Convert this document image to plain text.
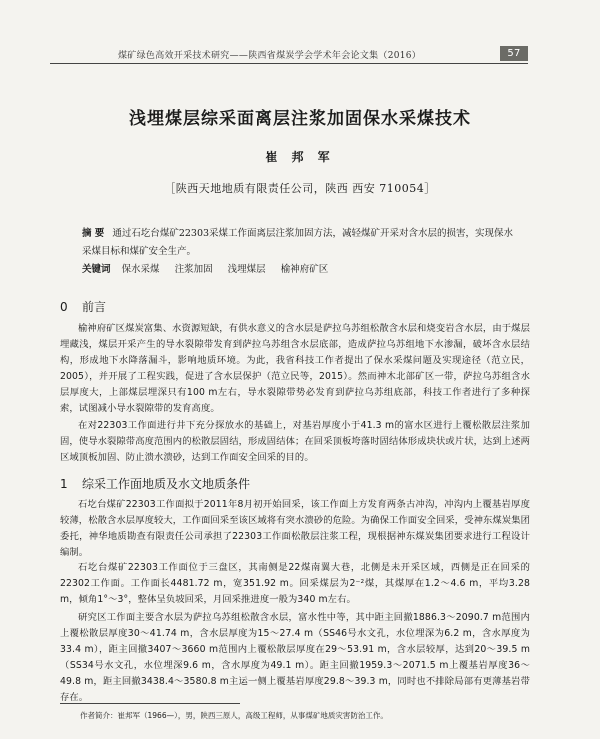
煤矿绿色高效开采技术研究——陕西省煤炭学会学术年会论文集（2016）	57
浅埋煤层综采面离层注浆加固保水采煤技术
崔 邦 军
［陕西天地地质有限责任公司，陕西 西安 710054］
摘 要 通过石圪台煤矿22303采煤工作面离层注浆加固方法，减轻煤矿开采对含水层的损害，实现保水采煤目标和煤矿安全生产。
关键词 保水采煤 注浆加固 浅埋煤层 榆神府矿区
0 前言
榆神府矿区煤炭富集、水资源短缺，有供水意义的含水层是萨拉乌苏组松散含水层和烧变岩含水层，由于煤层埋藏浅，煤层开采产生的导水裂隙带发育到萨拉乌苏组含水层底部，造成萨拉乌苏组地下水渗漏，破坏含水层结构，形成地下水降落漏斗，影响地质环境。为此，我省科技工作者提出了保水采煤问题及实现途径（范立民，2005），并开展了工程实践，促进了含水层保护（范立民等，2015）。然而神木北部矿区一带，萨拉乌苏组含水层厚度大，上部煤层埋深只有100 m左右，导水裂隙带势必发育到萨拉乌苏组底部，科技工作者进行了多种探索，试图减小导水裂隙带的发育高度。
在对22303工作面进行井下充分探放水的基础上，对基岩厚度小于41.3 m的富水区进行上覆松散层注浆加固，使导水裂隙带高度范围内的松散层固结，形成固结体；在回采顶板垮落时固结体形成块状或片状，达到上述两区域顶板加固、防止溃水溃砂，达到工作面安全回采的目的。
1 综采工作面地质及水文地质条件
石圪台煤矿22303工作面拟于2011年8月初开始回采，该工作面上方发育两条古冲沟，冲沟内上覆基岩厚度较薄，松散含水层厚度较大，工作面回采至该区域将有突水溃砂的危险。为确保工作面安全回采，受神东煤炭集团委托，神华地质勘查有限责任公司承担了22303工作面松散层注浆工程，现根据神东煤炭集团要求进行工程设计编制。
石圪台煤矿22303工作面位于三盘区，其南侧是22煤南翼大巷，北侧是未开采区域，西侧是正在回采的22302工作面。工作面长4481.72 m，宽351.92 m。回采煤层为2⁻²煤，其煤厚在1.2～4.6 m，平均3.28 m，倾角1°～3°，整体呈负坡回采，月回采推进度一般为340 m左右。
研究区工作面主要含水层为萨拉乌苏组松散含水层，富水性中等，其中距主回撤1886.3～2090.7 m范围内上覆松散层厚度30～41.74 m，含水层厚度为15～27.4 m（SS46号水文孔，水位埋深为6.2 m，含水厚度为33.4 m），距主回撤3407～3660 m范围内上覆松散层厚度在29～53.91 m，含水层较厚，达到20～39.5 m（SS34号水文孔，水位埋深9.6 m，含水厚度为49.1 m）。距主回撤1959.3～2071.5 m上覆基岩厚度36～49.8 m，距主回撤3438.4～3580.8 m主运一侧上覆基岩厚度29.8～39.3 m，同时也不排除局部有更薄基岩带存在。
作者简介：崔邦军（1966—），男，陕西三原人，高级工程师，从事煤矿地质灾害防治工作。
